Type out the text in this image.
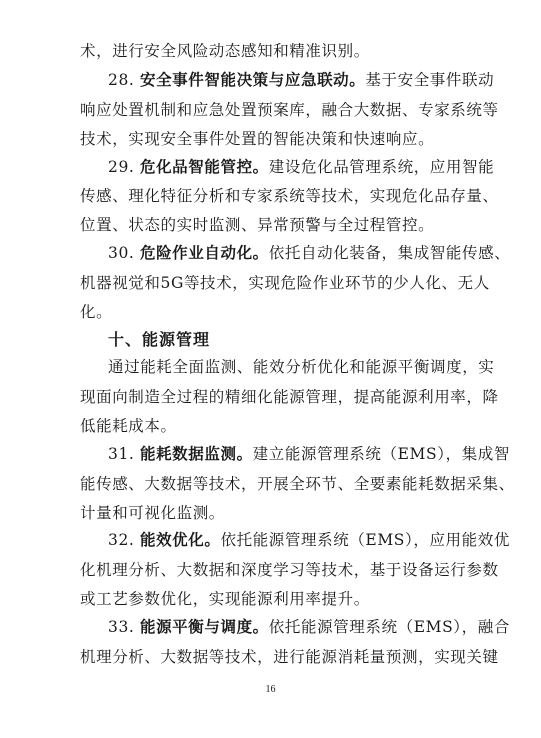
术，进行安全风险动态感知和精准识别。
28. 安全事件智能决策与应急联动。基于安全事件联动
响应处置机制和应急处置预案库，融合大数据、专家系统等
技术，实现安全事件处置的智能决策和快速响应。
29. 危化品智能管控。建设危化品管理系统，应用智能
传感、理化特征分析和专家系统等技术，实现危化品存量、
位置、状态的实时监测、异常预警与全过程管控。
30. 危险作业自动化。依托自动化装备，集成智能传感、
机器视觉和5G等技术，实现危险作业环节的少人化、无人
化。
十、能源管理
通过能耗全面监测、能效分析优化和能源平衡调度，实
现面向制造全过程的精细化能源管理，提高能源利用率，降
低能耗成本。
31. 能耗数据监测。建立能源管理系统（EMS），集成智
能传感、大数据等技术，开展全环节、全要素能耗数据采集、
计量和可视化监测。
32. 能效优化。依托能源管理系统（EMS），应用能效优
化机理分析、大数据和深度学习等技术，基于设备运行参数
或工艺参数优化，实现能源利用率提升。
16
33. 能源平衡与调度。依托能源管理系统（EMS），融合
机理分析、大数据等技术，进行能源消耗量预测，实现关键
